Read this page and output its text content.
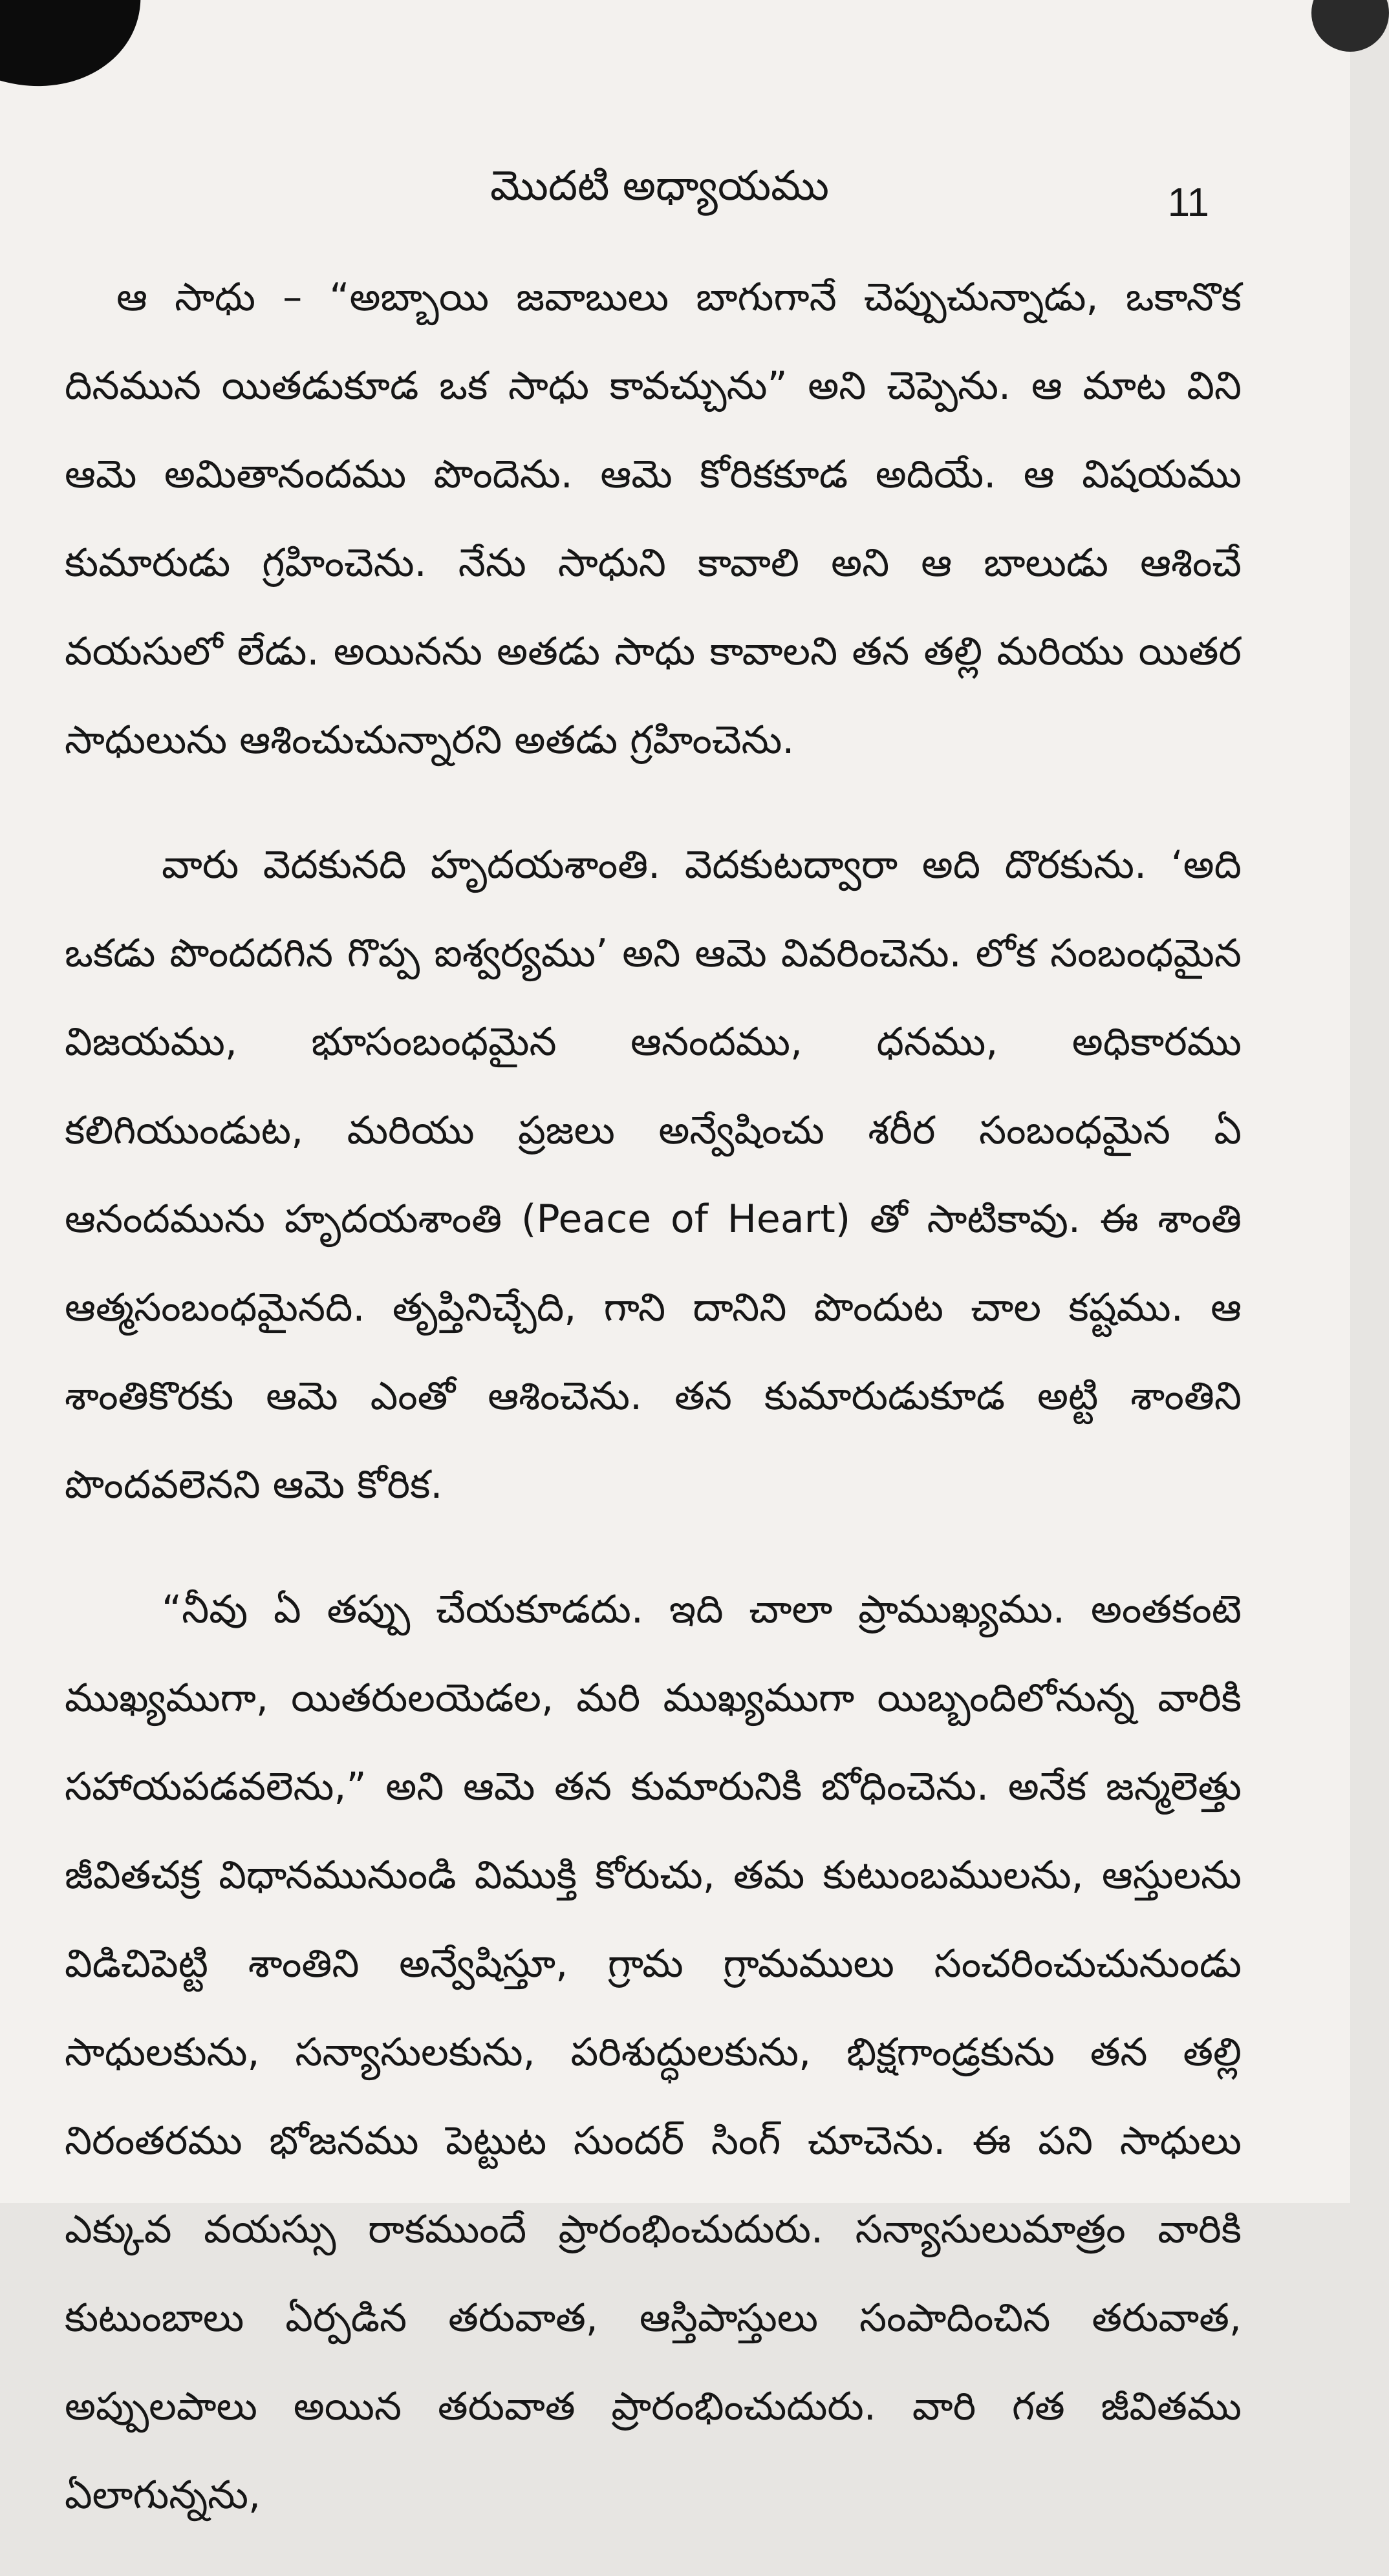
మొదటి అధ్యాయము	11

ఆ సాధు – “అబ్బాయి జవాబులు బాగుగానే చెప్పుచున్నాడు, ఒకానొక దినమున యితడుకూడ ఒక సాధు కావచ్చును” అని చెప్పెను. ఆ మాట విని ఆమె అమితానందము పొందెను. ఆమె కోరికకూడ అదియే. ఆ విషయము కుమారుడు గ్రహించెను. నేను సాధుని కావాలి అని ఆ బాలుడు ఆశించే వయసులో లేడు. అయినను అతడు సాధు కావాలని తన తల్లి మరియు యితర సాధులును ఆశించుచున్నారని అతడు గ్రహించెను.

వారు వెదకునది హృదయశాంతి. వెదకుటద్వారా అది దొరకును. ‘అది ఒకడు పొందదగిన గొప్ప ఐశ్వర్యము’ అని ఆమె వివరించెను. లోక సంబంధమైన విజయము, భూసంబంధమైన ఆనందము, ధనము, అధికారము కలిగియుండుట, మరియు ప్రజలు అన్వేషించు శరీర సంబంధమైన ఏ ఆనందమును హృదయశాంతి (Peace of Heart) తో సాటికావు. ఈ శాంతి ఆత్మసంబంధమైనది. తృప్తినిచ్చేది, గాని దానిని పొందుట చాల కష్టము. ఆ శాంతికొరకు ఆమె ఎంతో ఆశించెను. తన కుమారుడుకూడ అట్టి శాంతిని పొందవలెనని ఆమె కోరిక.

“నీవు ఏ తప్పు చేయకూడదు. ఇది చాలా ప్రాముఖ్యము. అంతకంటె ముఖ్యముగా, యితరులయెడల, మరి ముఖ్యముగా యిబ్బందిలోనున్న వారికి సహాయపడవలెను,” అని ఆమె తన కుమారునికి బోధించెను. అనేక జన్మలెత్తు జీవితచక్ర విధానమునుండి విముక్తి కోరుచు, తమ కుటుంబములను, ఆస్తులను విడిచిపెట్టి శాంతిని అన్వేషిస్తూ, గ్రామ గ్రామములు సంచరించుచునుండు సాధులకును, సన్యాసులకును, పరిశుద్ధులకును, భిక్షగాండ్రకును తన తల్లి నిరంతరము భోజనము పెట్టుట సుందర్ సింగ్ చూచెను. ఈ పని సాధులు ఎక్కువ వయస్సు రాకముందే ప్రారంభించుదురు. సన్యాసులుమాత్రం వారికి కుటుంబాలు ఏర్పడిన తరువాత, ఆస్తిపాస్తులు సంపాదించిన తరువాత, అప్పులపాలు అయిన తరువాత ప్రారంభించుదురు. వారి గత జీవితము ఏలాగున్నను,
